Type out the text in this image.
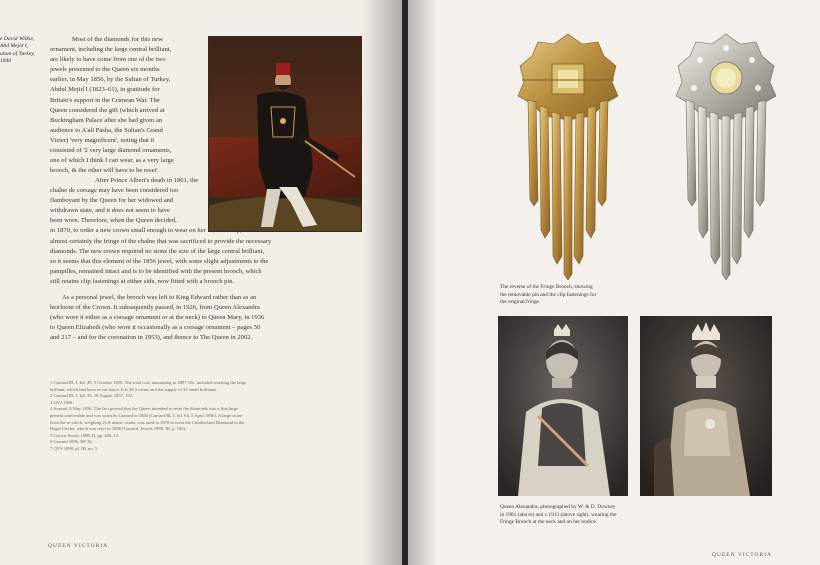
e David Wilkie,
Abd Mejid I,
ultan of Turkey,
1840
Most of the diamonds for this new
ornament, including the large central brilliant,
are likely to have come from one of the two
jewels presented to the Queen six months
earlier, in May 1856, by the Sultan of Turkey,
Abdul Mejid I (1823–61), in gratitude for
Britain's support in the Crimean War. The
Queen considered the gift (which arrived at
Buckingham Palace after she had given an
audience to A'ali Pasha, the Sultan's Grand
Vizier) 'very magnificent', noting that it
consisted of '2 very large diamond ornaments,
one of which I think I can wear, as a very large
brooch, & the other will have to be reset'.
After Prince Albert's death in 1861, the
chaîne de corsage may have been considered too
flamboyant by the Queen for her widowed and
withdrawn state, and it does not seem to have
been worn. Therefore, when the Queen decided,
in 1870, to order a new crown small enough to wear on her widow's cap, it was
almost certainly the fringe of the chaîne that was sacrificed to provide the necessary
diamonds. The new crown required no stone the size of the large central brilliant,
so it seems that this element of the 1856 jewel, with some slight adjustments to the
pampilles, remained intact and is to be identified with the present brooch, which
still retains clip fastenings at either side, now fitted with a brooch pin.
As a personal jewel, the brooch was left to King Edward rather than as an
heirloom of the Crown. It subsequently passed, in 1926, from Queen Alexandra
(who wore it either as a corsage ornament or at the neck) to Queen Mary, in 1936
to Queen Elizabeth (who wore it occasionally as a corsage ornament – pages 50
and 217 – and for the coronation in 1953), and thence to The Queen in 2002.
1 Garrard RL I, fol. 49, 5 October 1856. The total cost, amounting to £897 10s, included resetting the large
brilliant, which had been re-cut twice. It is 28.5 carats and the supply of 32 small brilliants.
2 Garrard RL I, fol. 33, 18 August 1857, 192.
3 QVJ 1856.
4 Journal, 8 May 1856. The fact proved that the Queen intended to reset the diamonds into a fine large
present convertible and was worn by Garrard in 1856 (Garrard RL I, fol. 64, 5 April 1856). A large stone
from the re-stitch, weighing 21.8 metric carats, was used in 1870 to form the Cumberland Diamond in the
Regal Circlet, which was reset in 1896 (Garrard, Jewels 1898, III, p. 186).
5 Crown Jewels 1898, II, pp. 486–12.
6 Garrard 1896, RF 36.
7 QVS 1898, pl. III, no. 5.
QUEEN VICTORIA
The reverse of the Fringe Brooch, showing
the removable pin and the clip fastenings for
the original fringe.
Queen Alexandra, photographed by W. & D. Downey
in 1901 (above) and c.1913 (above right), wearing the
Fringe Brooch at the neck and on her bodice.
QUEEN VICTORIA
